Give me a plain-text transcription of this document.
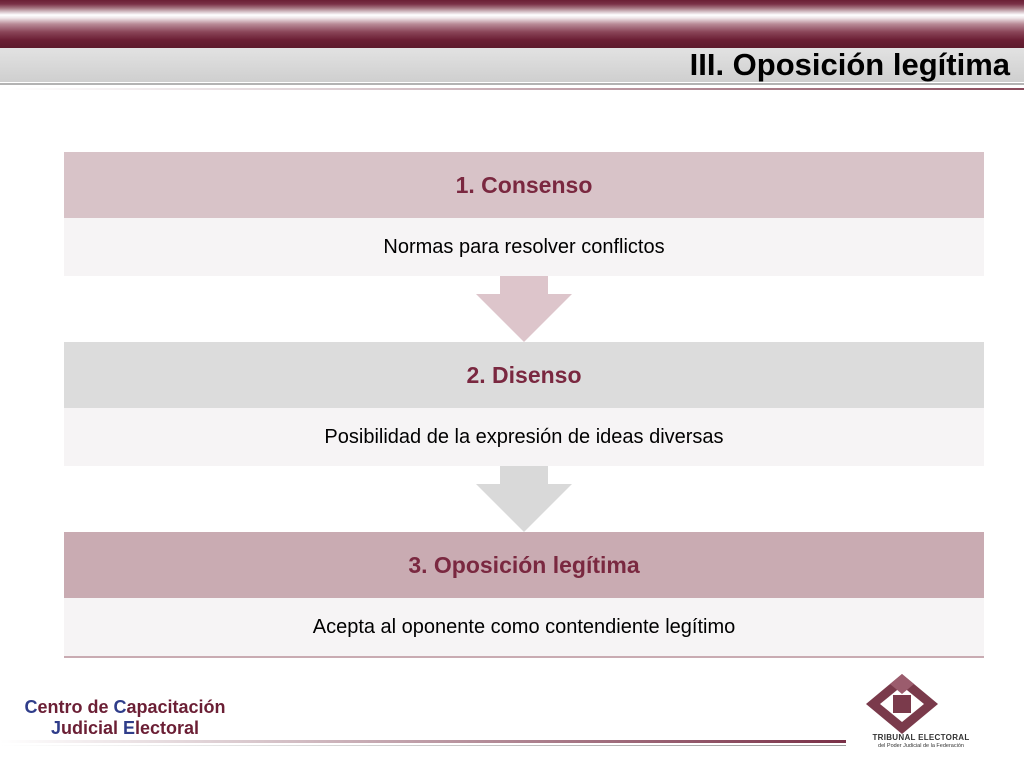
III. Oposición legítima
1. Consenso
Normas para resolver conflictos
2. Disenso
Posibilidad de la expresión de ideas diversas
3. Oposición legítima
Acepta al oponente como contendiente legítimo
Centro de Capacitación
Judicial Electoral	TRIBUNAL ELECTORAL
del Poder Judicial de la Federación
